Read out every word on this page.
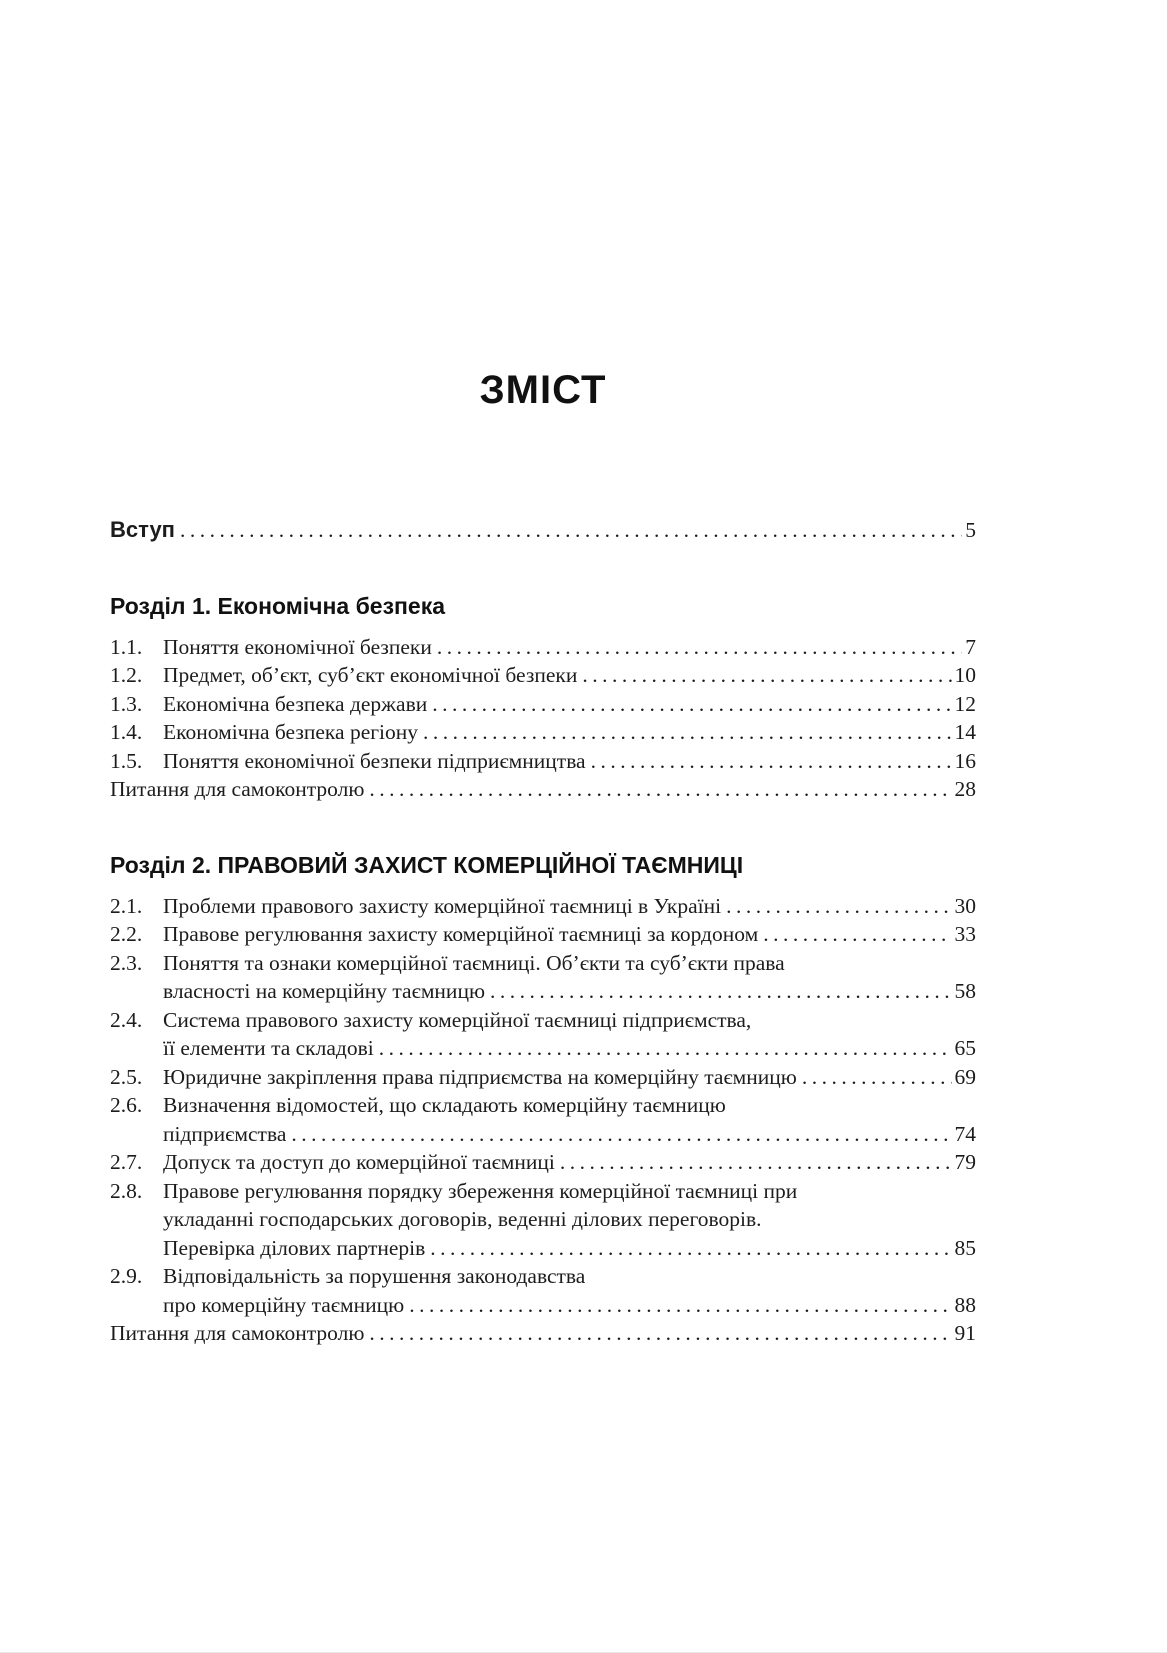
ЗМІСТ
Вступ .....	5
Розділ 1. Економічна безпека
1.1. Поняття економічної безпеки .....	7
1.2. Предмет, об’єкт, суб’єкт економічної безпеки .....	10
1.3. Економічна безпека держави .....	12
1.4. Економічна безпека регіону .....	14
1.5. Поняття економічної безпеки підприємництва .....	16
Питання для самоконтролю .....	28
Розділ 2. ПРАВОВИЙ ЗАХИСТ КОМЕРЦІЙНОЇ ТАЄМНИЦІ
2.1. Проблеми правового захисту комерційної таємниці в Україні .....	30
2.2. Правове регулювання захисту комерційної таємниці за кордоном .....	33
2.3. Поняття та ознаки комерційної таємниці. Об’єкти та суб’єкти права
власності на комерційну таємницю .....	58
2.4. Система правового захисту комерційної таємниці підприємства,
її елементи та складові .....	65
2.5. Юридичне закріплення права підприємства на комерційну таємницю .....	69
2.6. Визначення відомостей, що складають комерційну таємницю
підприємства .....	74
2.7. Допуск та доступ до комерційної таємниці .....	79
2.8. Правове регулювання порядку збереження комерційної таємниці при
укладанні господарських договорів, веденні ділових переговорів.
Перевірка ділових партнерів .....	85
2.9. Відповідальність за порушення законодавства
про комерційну таємницю .....	88
Питання для самоконтролю .....	91
